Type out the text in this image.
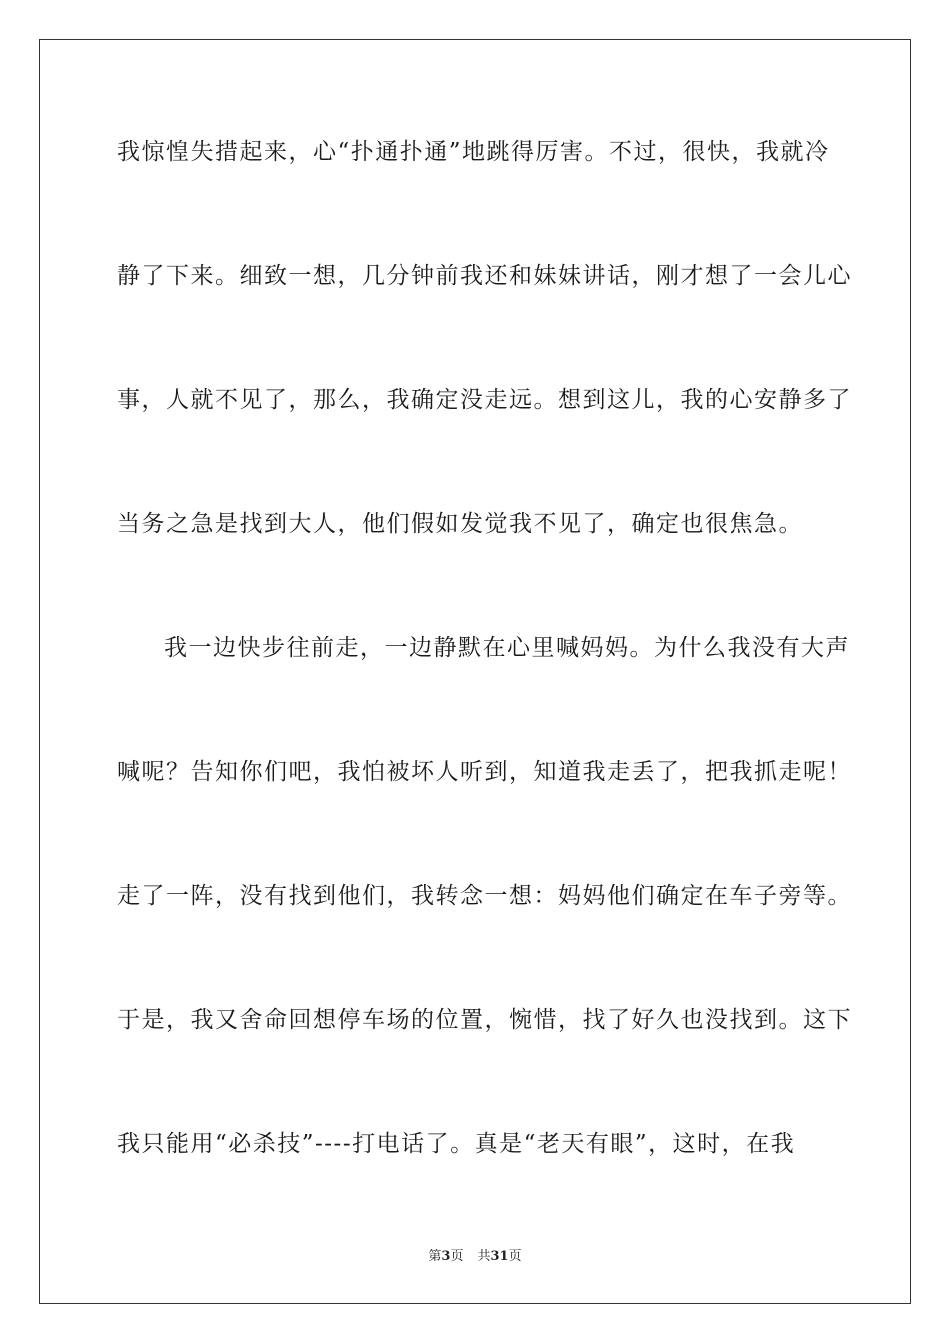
我惊惶失措起来，心“扑通扑通”地跳得厉害。不过，很快，我就冷
静了下来。细致一想，几分钟前我还和妹妹讲话，刚才想了一会儿心
事，人就不见了，那么，我确定没走远。想到这儿，我的心安静多了
当务之急是找到大人，他们假如发觉我不见了，确定也很焦急。
我一边快步往前走，一边静默在心里喊妈妈。为什么我没有大声
喊呢？告知你们吧，我怕被坏人听到，知道我走丢了，把我抓走呢！
走了一阵，没有找到他们，我转念一想：妈妈他们确定在车子旁等。
于是，我又舍命回想停车场的位置，惋惜，找了好久也没找到。这下
我只能用“必杀技”----打电话了。真是“老天有眼”，这时，在我
第3页 共31页
